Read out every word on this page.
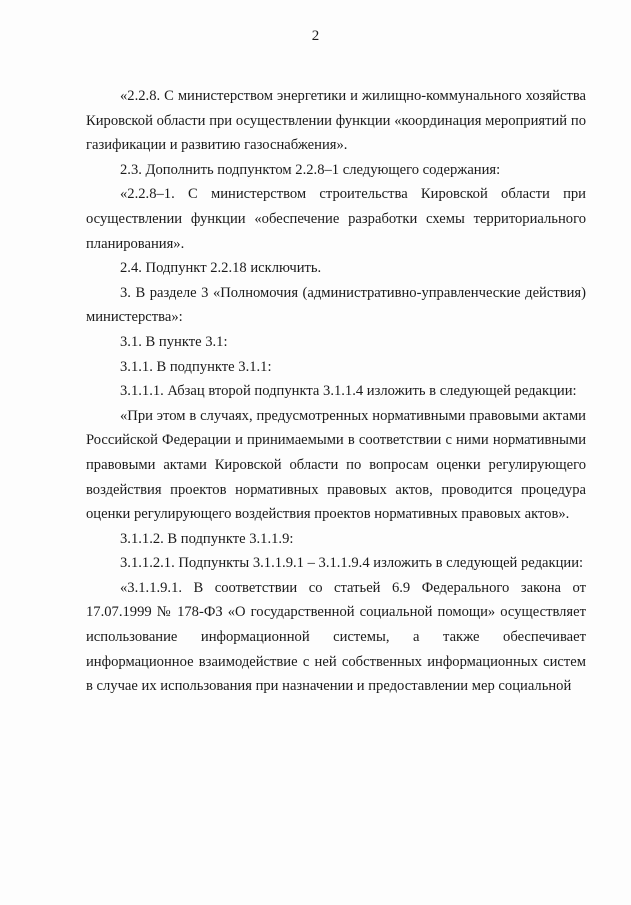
2

«2.2.8. С министерством энергетики и жилищно-коммунального хозяйства Кировской области при осуществлении функции «координация мероприятий по газификации и развитию газоснабжения».

2.3. Дополнить подпунктом 2.2.8–1 следующего содержания:

«2.2.8–1. С министерством строительства Кировской области при осуществлении функции «обеспечение разработки схемы территориального планирования».

2.4. Подпункт 2.2.18 исключить.

3. В разделе 3 «Полномочия (административно-управленческие действия) министерства»:

3.1. В пункте 3.1:

3.1.1. В подпункте 3.1.1:

3.1.1.1. Абзац второй подпункта 3.1.1.4 изложить в следующей редакции:

«При этом в случаях, предусмотренных нормативными правовыми актами Российской Федерации и принимаемыми в соответствии с ними нормативными правовыми актами Кировской области по вопросам оценки регулирующего воздействия проектов нормативных правовых актов, проводится процедура оценки регулирующего воздействия проектов нормативных правовых актов».

3.1.1.2. В подпункте 3.1.1.9:

3.1.1.2.1. Подпункты 3.1.1.9.1 – 3.1.1.9.4 изложить в следующей редакции:

«3.1.1.9.1. В соответствии со статьей 6.9 Федерального закона от 17.07.1999 № 178-ФЗ «О государственной социальной помощи» осуществляет использование информационной системы, а также обеспечивает информационное взаимодействие с ней собственных информационных систем в случае их использования при назначении и предоставлении мер социальной
